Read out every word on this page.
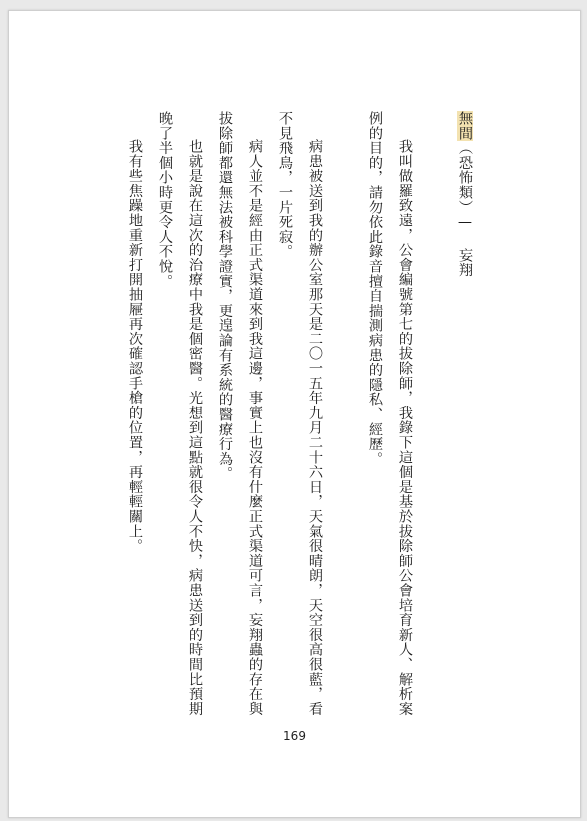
無間（恐怖類）— 妄翔

我叫做羅致遠，公會編號第七的拔除師，我錄下這個是基於拔除師公會培育新人、解析案例的目的，請勿依此錄音擅自揣測病患的隱私、經歷。

病患被送到我的辦公室那天是二〇一五年九月二十六日，天氣很晴朗，天空很高很藍，看不見飛鳥，一片死寂。

病人並不是經由正式渠道來到我這邊，事實上也沒有什麼正式渠道可言，妄翔蟲的存在與拔除師都還無法被科學證實，更遑論有系統的醫療行為。

也就是說在這次的治療中我是個密醫。光想到這點就很令人不快，病患送到的時間比預期晚了半個小時更令人不悅。

我有些焦躁地重新打開抽屜再次確認手槍的位置，再輕輕關上。

169
